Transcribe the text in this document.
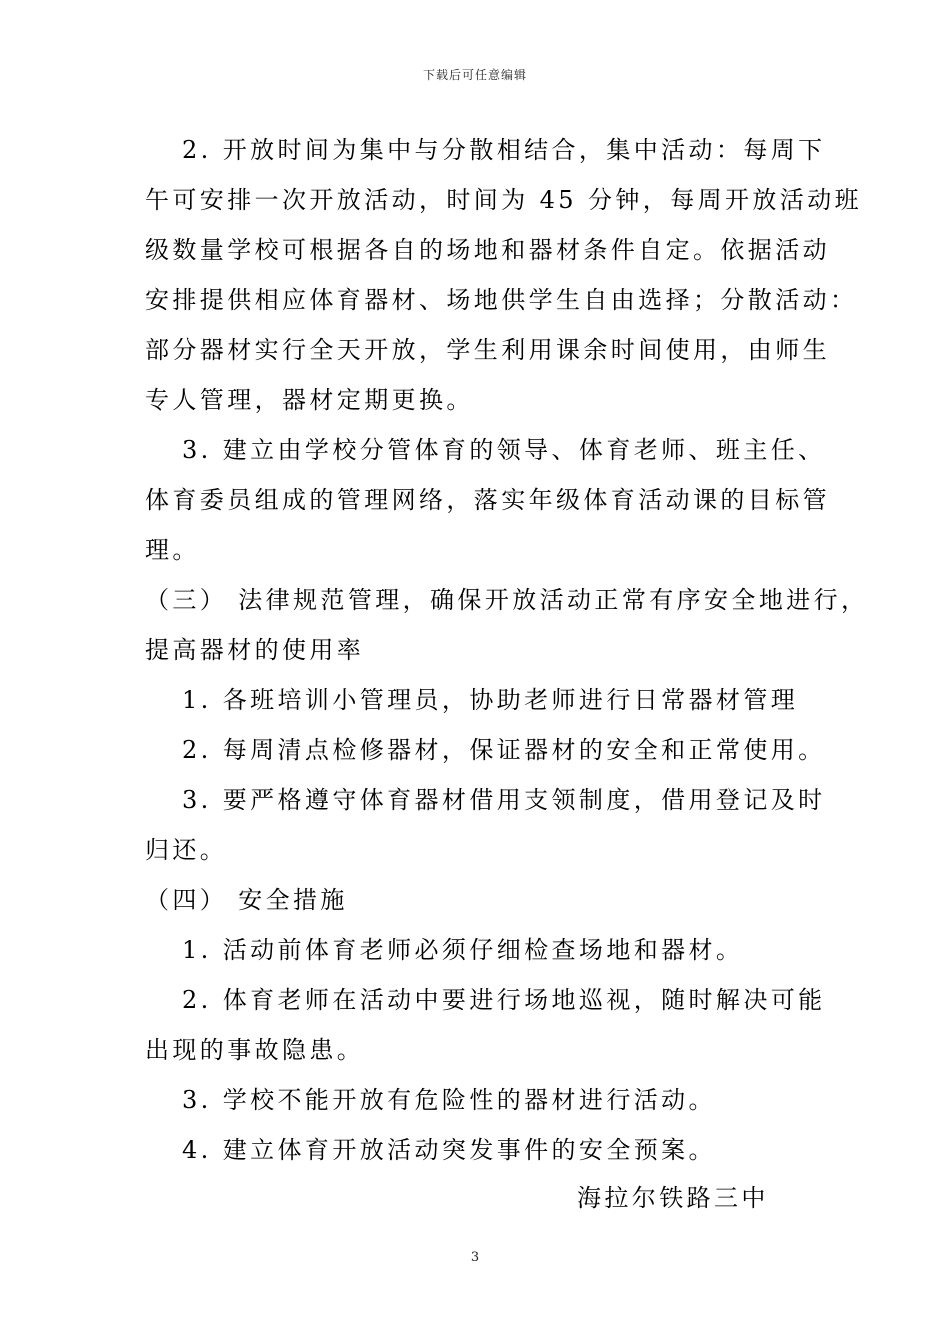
下载后可任意编辑
2. 开放时间为集中与分散相结合，集中活动：每周下
午可安排一次开放活动，时间为 45 分钟，每周开放活动班
级数量学校可根据各自的场地和器材条件自定。依据活动
安排提供相应体育器材、场地供学生自由选择；分散活动：
部分器材实行全天开放，学生利用课余时间使用，由师生
专人管理，器材定期更换。
3. 建立由学校分管体育的领导、体育老师、班主任、
体育委员组成的管理网络，落实年级体育活动课的目标管
理。
（三） 法律规范管理，确保开放活动正常有序安全地进行，
提高器材的使用率
1. 各班培训小管理员，协助老师进行日常器材管理
2. 每周清点检修器材，保证器材的安全和正常使用。
3. 要严格遵守体育器材借用支领制度，借用登记及时
归还。
（四） 安全措施
1. 活动前体育老师必须仔细检查场地和器材。
2. 体育老师在活动中要进行场地巡视，随时解决可能
出现的事故隐患。
3. 学校不能开放有危险性的器材进行活动。
4. 建立体育开放活动突发事件的安全预案。
海拉尔铁路三中
3
